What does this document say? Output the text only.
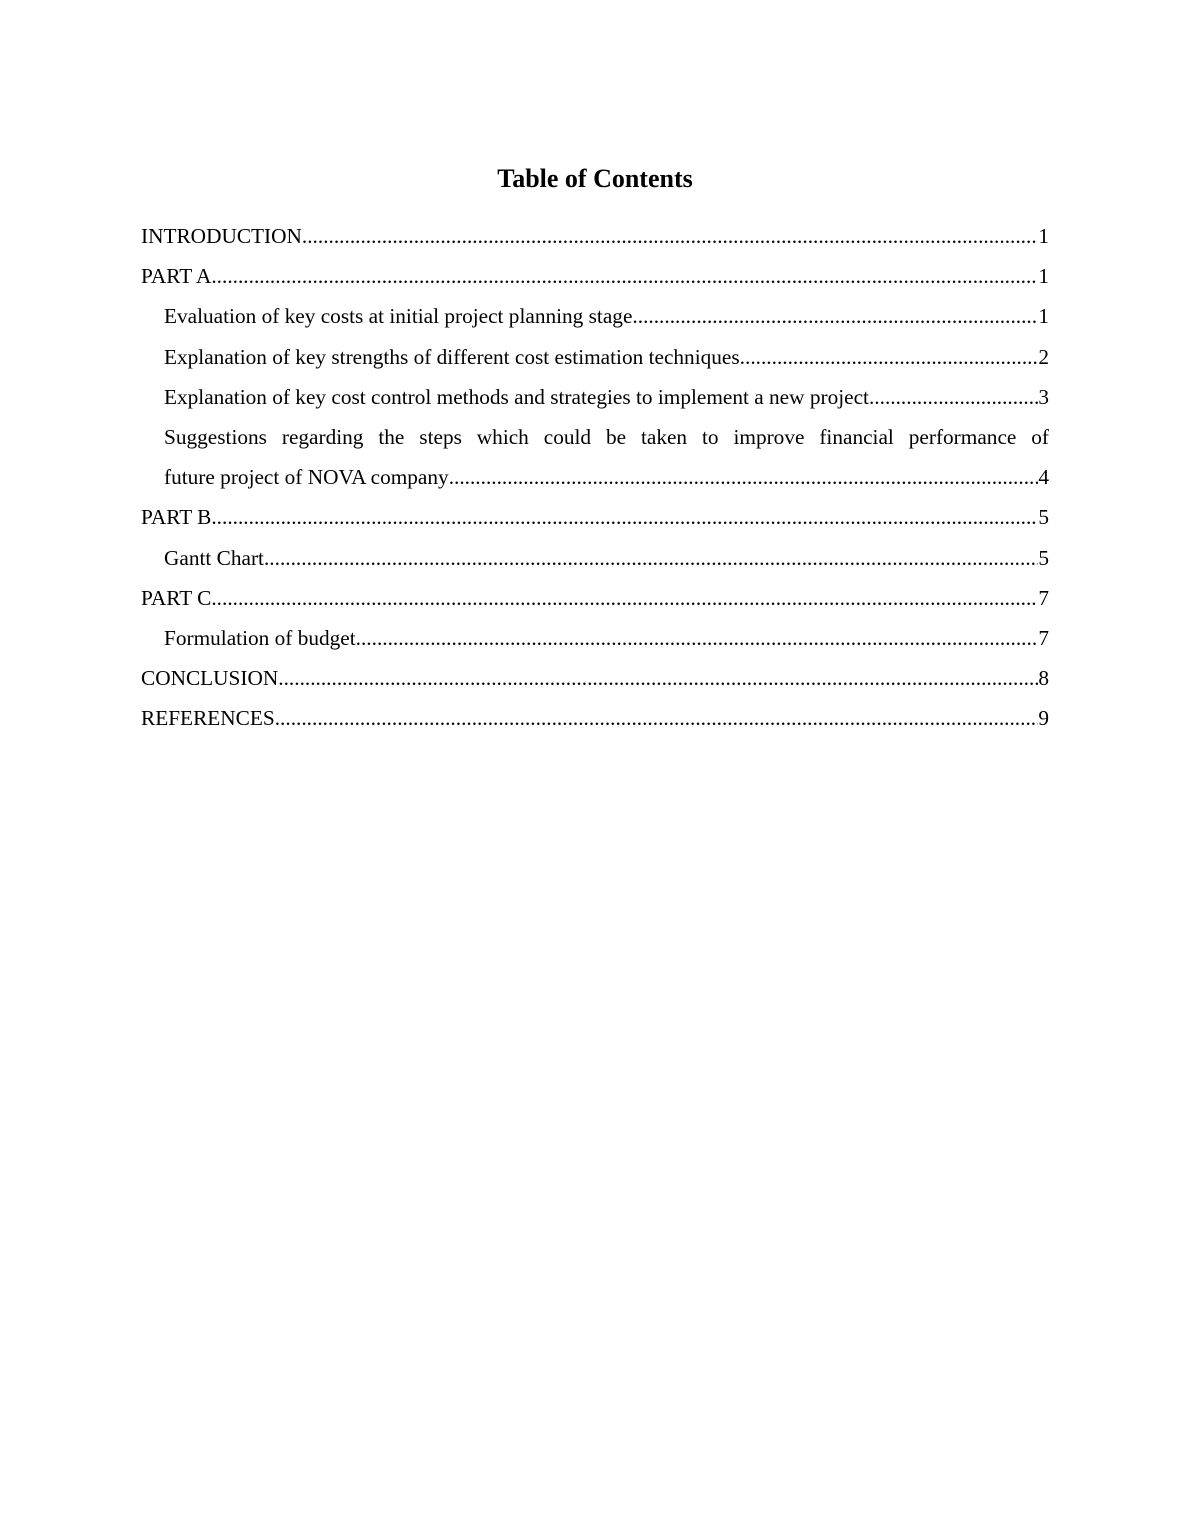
Table of Contents
INTRODUCTION .....	1
PART A .....	1
Evaluation of key costs at initial project planning stage .....	1
Explanation of key strengths of different cost estimation techniques .....	2
Explanation of key cost control methods and strategies to implement a new project .....	3
Suggestions regarding the steps which could be taken to improve financial performance of
future project of NOVA company .....	4
PART B .....	5
Gantt Chart .....	5
PART C .....	7
Formulation of budget .....	7
CONCLUSION .....	8
REFERENCES .....	9
